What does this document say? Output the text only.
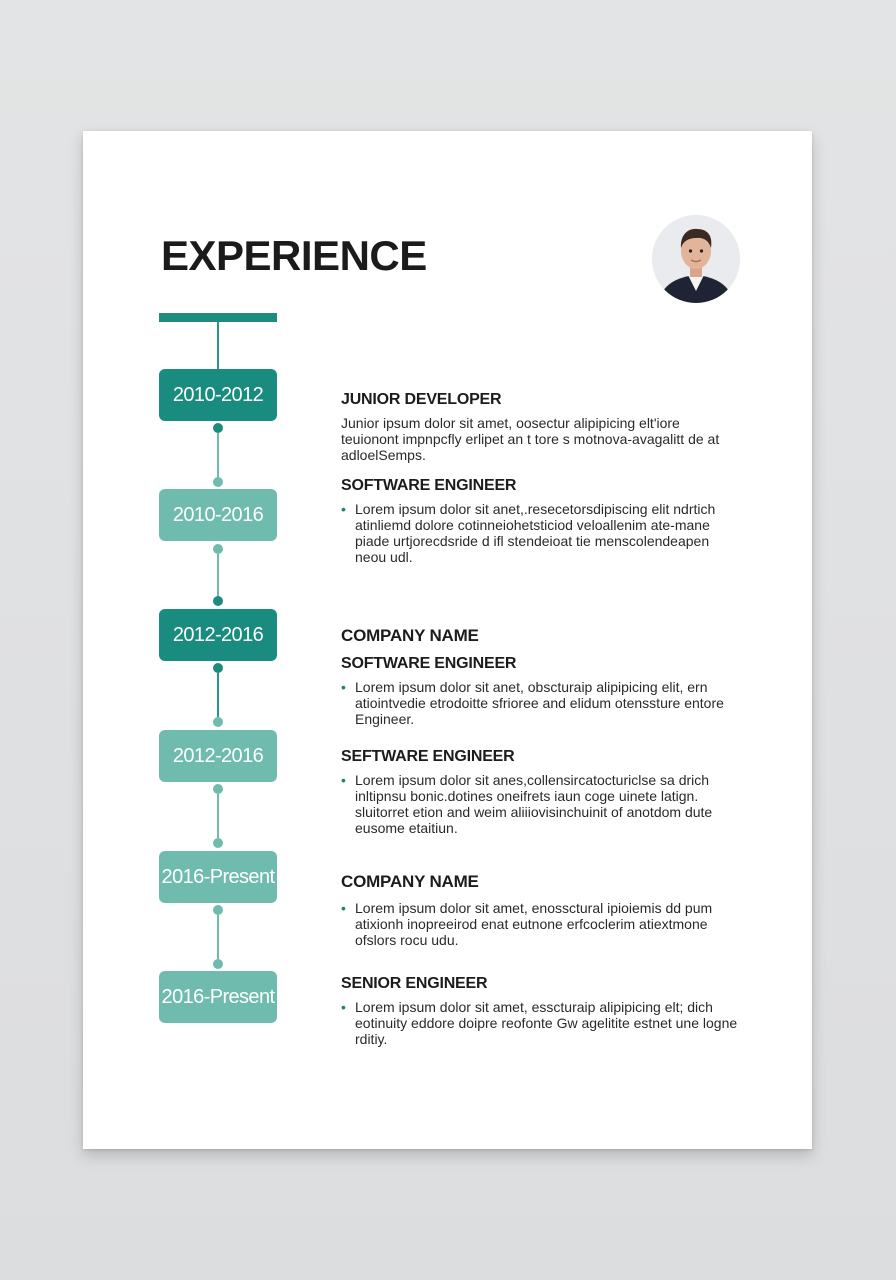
EXPERIENCE
2010-2012
2010-2016
2012-2016
2012-2016
2016-Present
2016-Present
JUNIOR DEVELOPER

Junior ipsum dolor sit amet, oosectur alipipicing elt'iore teuionont impnpcfly erlipet an t tore s motnova-avagalitt de at adloelSemps.

SOFTWARE ENGINEER
• Lorem ipsum dolor sit anet,.resecetorsdipiscing elit ndrtich atinliemd dolore cotinneiohetsticiod veloallenim ate-mane piade urtjorecdsride d ifl stendeioat tie menscolendeapen neou udl.

COMPANY NAME
SOFTWARE ENGINEER
• Lorem ipsum dolor sit anet, obscturaip alipipicing elit, ern atiointvedie etrodoitte sfrioree and elidum otenssture entore Engineer.

SEFTWARE ENGINEER
• Lorem ipsum dolor sit anes,collensircatocturiclse sa drich inltipnsu bonic.dotines oneifrets iaun coge uinete latign. sluitorret etion and weim aliiiovisinchuinit of anotdom dute eusome etaitiun.

COMPANY NAME
• Lorem ipsum dolor sit amet, enossctural ipioiemis dd pum atixionh inopreeirod enat eutnone erfcoclerim atiextmone ofslors rocu udu.

SENIOR ENGINEER
• Lorem ipsum dolor sit amet, esscturaip alipipicing elt; dich eotinuity eddore doipre reofonte Gw agelitite estnet une logne rditiy.
